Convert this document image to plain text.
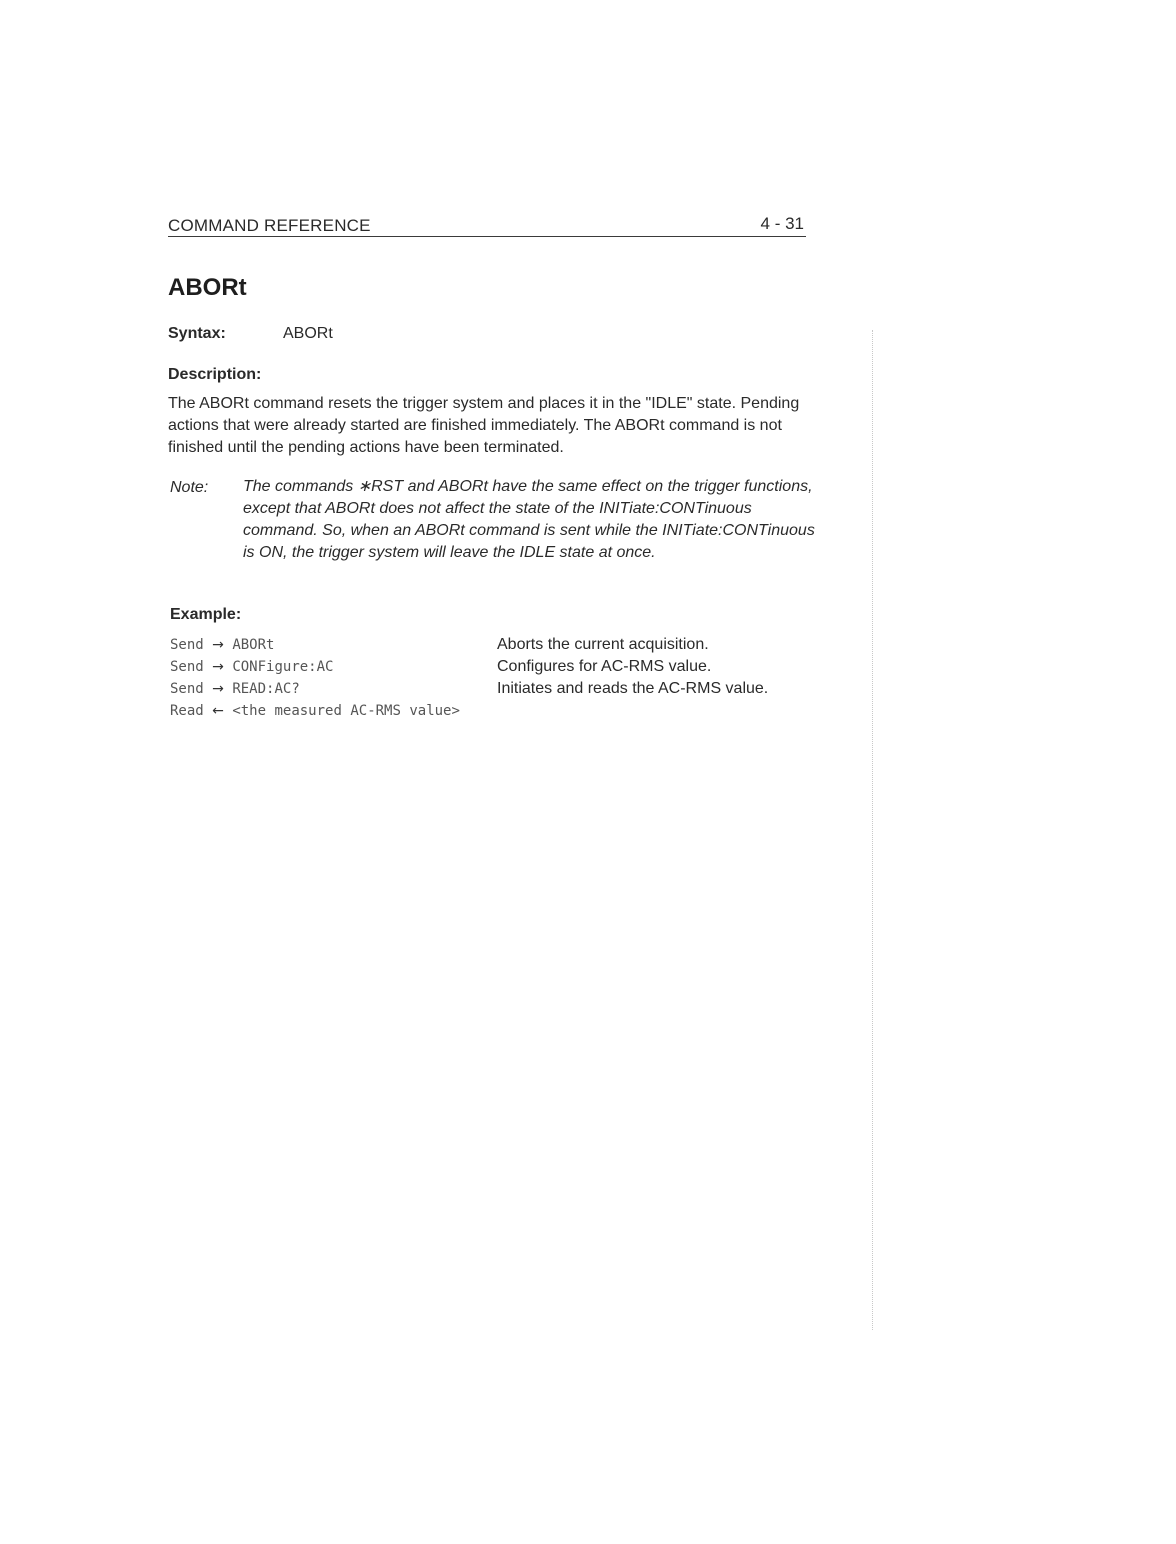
COMMAND REFERENCE	4 - 31
ABORt
Syntax:	ABORt
Description:

The ABORt command resets the trigger system and places it in the "IDLE" state. Pending actions that were already started are finished immediately. The ABORt command is not finished until the pending actions have been terminated.

Note: The commands ∗RST and ABORt have the same effect on the trigger functions, except that ABORt does not affect the state of the INITiate:CONTinuous command. So, when an ABORt command is sent while the INITiate:CONTinuous is ON, the trigger system will leave the IDLE state at once.

Example:
Send → ABORt	Aborts the current acquisition.
Send → CONFigure:AC	Configures for AC-RMS value.
Send → READ:AC?	Initiates and reads the AC-RMS value.
Read ← <the measured AC-RMS value>
